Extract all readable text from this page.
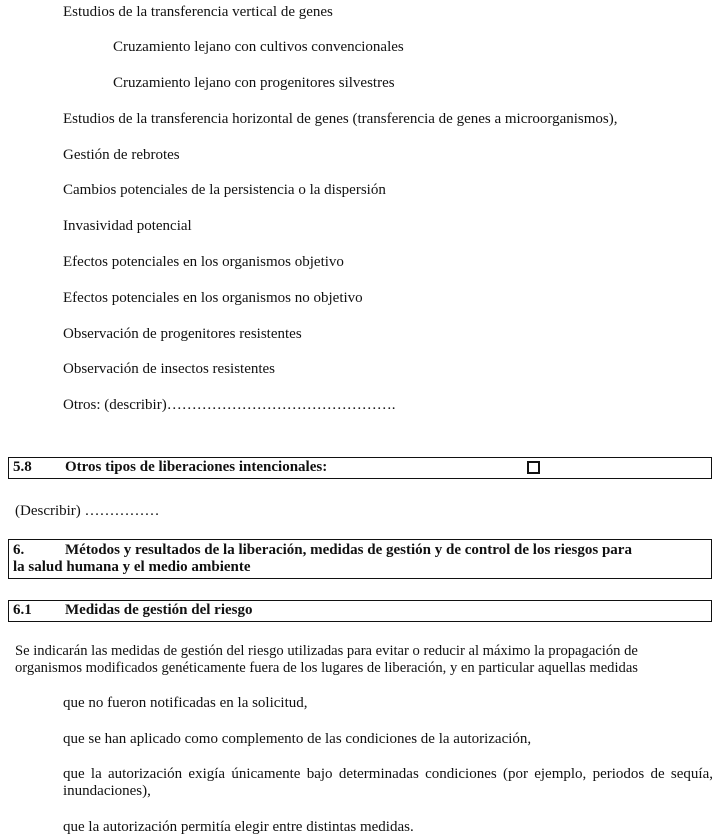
Estudios de la transferencia vertical de genes
Cruzamiento lejano con cultivos convencionales
Cruzamiento lejano con progenitores silvestres
Estudios de la transferencia horizontal de genes (transferencia de genes a microorganismos),
Gestión de rebrotes
Cambios potenciales de la persistencia o la dispersión
Invasividad potencial
Efectos potenciales en los organismos objetivo
Efectos potenciales en los organismos no objetivo
Observación de progenitores resistentes
Observación de insectos resistentes
Otros: (describir)……………………………………….
5.8 Otros tipos de liberaciones intencionales:
(Describir) ……………
6.	Métodos y resultados de la liberación, medidas de gestión y de control de los riesgos para
la salud humana y el medio ambiente
6.1 Medidas de gestión del riesgo
Se indicarán las medidas de gestión del riesgo utilizadas para evitar o reducir al máximo la propagación de
organismos modificados genéticamente fuera de los lugares de liberación, y en particular aquellas medidas
que no fueron notificadas en la solicitud,
que se han aplicado como complemento de las condiciones de la autorización,
que la autorización exigía únicamente bajo determinadas condiciones (por ejemplo, periodos de sequía, inundaciones),
que la autorización permitía elegir entre distintas medidas.
